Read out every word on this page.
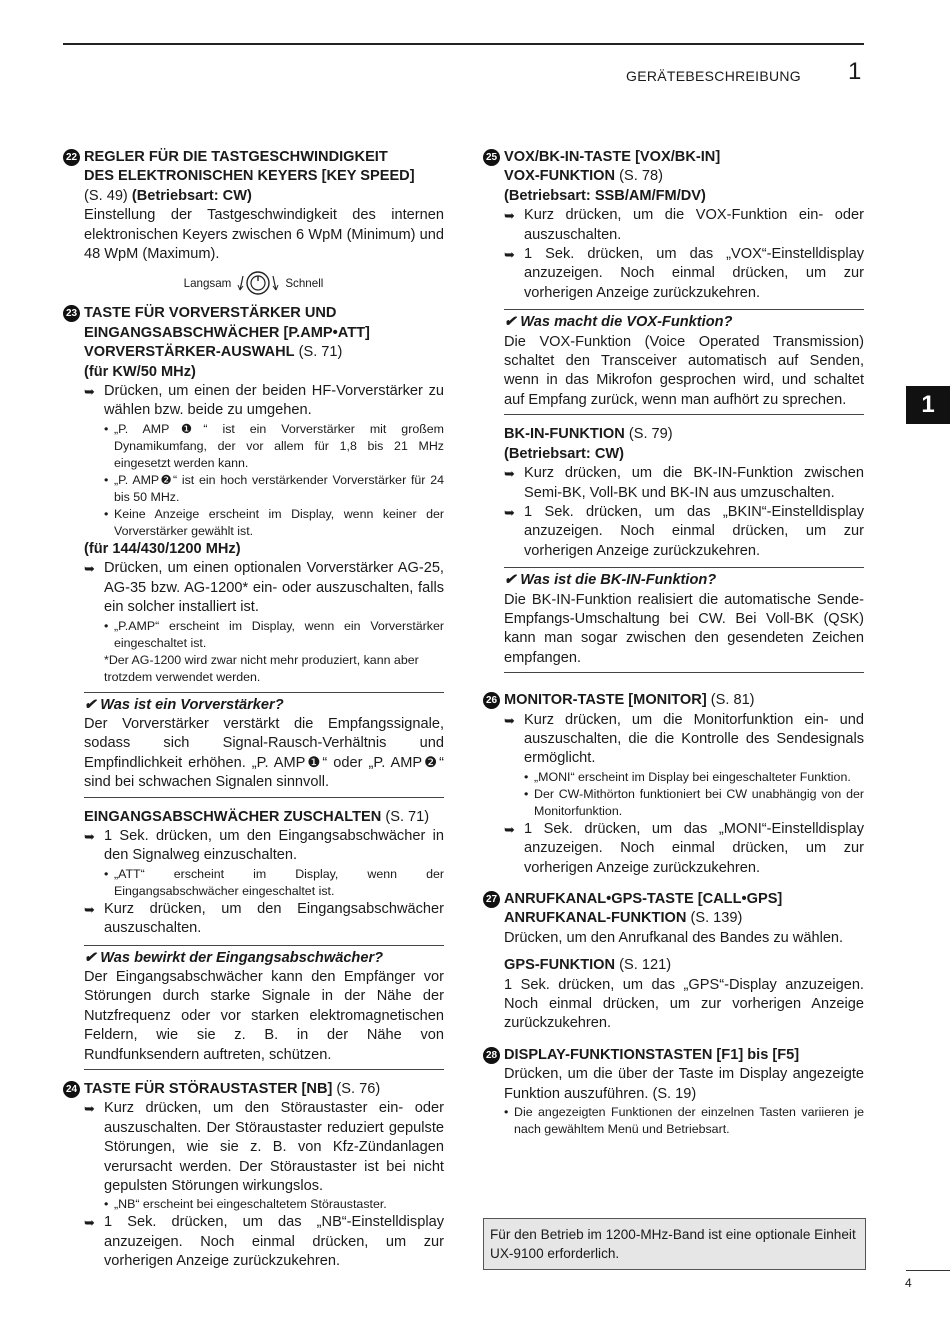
GERÄTEBESCHREIBUNG 1
1
4
22 REGLER FÜR DIE TASTGESCHWINDIGKEIT
DES ELEKTRONISCHEN KEYERS [KEY SPEED]
(S. 49) (Betriebsart: CW)
Einstellung der Tastgeschwindigkeit des internen elektronischen Keyers zwischen 6 WpM (Minimum) und 48 WpM (Maximum).
Langsam	Schnell
23 TASTE FÜR VORVERSTÄRKER UND
EINGANGSABSCHWÄCHER [P.AMP•ATT]
VORVERSTÄRKER-AUSWAHL (S. 71)
(für KW/50 MHz)
➥ Drücken, um einen der beiden HF-Vorverstärker zu wählen bzw. beide zu umgehen.
• „P. AMP❶“ ist ein Vorverstärker mit großem Dynamikumfang, der vor allem für 1,8 bis 21 MHz eingesetzt werden kann.
• „P. AMP❷“ ist ein hoch verstärkender Vorverstärker für 24 bis 50 MHz.
• Keine Anzeige erscheint im Display, wenn keiner der Vorverstärker gewählt ist.
(für 144/430/1200 MHz)
➥ Drücken, um einen optionalen Vorverstärker AG-25, AG-35 bzw. AG-1200* ein- oder auszuschalten, falls ein solcher installiert ist.
• „P.AMP“ erscheint im Display, wenn ein Vorverstärker eingeschaltet ist.
*Der AG-1200 wird zwar nicht mehr produziert, kann aber trotzdem verwendet werden.
✔ Was ist ein Vorverstärker?
Der Vorverstärker verstärkt die Empfangssignale, sodass sich Signal-Rausch-Verhältnis und Empfindlichkeit erhöhen. „P. AMP❶“ oder „P. AMP❷“ sind bei schwachen Signalen sinnvoll.
EINGANGSABSCHWÄCHER ZUSCHALTEN (S. 71)
➥ 1 Sek. drücken, um den Eingangsabschwächer in den Signalweg einzuschalten.
• „ATT“ erscheint im Display, wenn der Eingangsabschwächer eingeschaltet ist.
➥ Kurz drücken, um den Eingangsabschwächer auszuschalten.
✔ Was bewirkt der Eingangsabschwächer?
Der Eingangsabschwächer kann den Empfänger vor Störungen durch starke Signale in der Nähe der Nutzfrequenz oder vor starken elektromagnetischen Feldern, wie sie z. B. in der Nähe von Rundfunksendern auftreten, schützen.
24 TASTE FÜR STÖRAUSTASTER [NB] (S. 76)
➥ Kurz drücken, um den Störaustaster ein- oder auszuschalten. Der Störaustaster reduziert gepulste Störungen, wie sie z. B. von Kfz-Zündanlagen verursacht werden. Der Störaustaster ist bei nicht gepulsten Störungen wirkungslos.
• „NB“ erscheint bei eingeschaltetem Störaustaster.
➥ 1 Sek. drücken, um das „NB“-Einstelldisplay anzuzeigen. Noch einmal drücken, um zur vorherigen Anzeige zurückzukehren.
25 VOX/BK-IN-TASTE [VOX/BK-IN]
VOX-FUNKTION (S. 78)
(Betriebsart: SSB/AM/FM/DV)
➥ Kurz drücken, um die VOX-Funktion ein- oder auszuschalten.
➥ 1 Sek. drücken, um das „VOX“-Einstelldisplay anzuzeigen. Noch einmal drücken, um zur vorherigen Anzeige zurückzukehren.
✔ Was macht die VOX-Funktion?
Die VOX-Funktion (Voice Operated Transmission) schaltet den Transceiver automatisch auf Senden, wenn in das Mikrofon gesprochen wird, und schaltet auf Empfang zurück, wenn man aufhört zu sprechen.
BK-IN-FUNKTION (S. 79)
(Betriebsart: CW)
➥ Kurz drücken, um die BK-IN-Funktion zwischen Semi-BK, Voll-BK und BK-IN aus umzuschalten.
➥ 1 Sek. drücken, um das „BKIN“-Einstelldisplay anzuzeigen. Noch einmal drücken, um zur vorherigen Anzeige zurückzukehren.
✔ Was ist die BK-IN-Funktion?
Die BK-IN-Funktion realisiert die automatische Sende-Empfangs-Umschaltung bei CW. Bei Voll-BK (QSK) kann man sogar zwischen den gesendeten Zeichen empfangen.
26 MONITOR-TASTE [MONITOR] (S. 81)
➥ Kurz drücken, um die Monitorfunktion ein- und auszuschalten, die die Kontrolle des Sendesignals ermöglicht.
• „MONI“ erscheint im Display bei eingeschalteter Funktion.
• Der CW-Mithörton funktioniert bei CW unabhängig von der Monitorfunktion.
➥ 1 Sek. drücken, um das „MONI“-Einstelldisplay anzuzeigen. Noch einmal drücken, um zur vorherigen Anzeige zurückzukehren.
27 ANRUFKANAL•GPS-TASTE [CALL•GPS]
ANRUFKANAL-FUNKTION (S. 139)
Drücken, um den Anrufkanal des Bandes zu wählen.
GPS-FUNKTION (S. 121)
1 Sek. drücken, um das „GPS“-Display anzuzeigen. Noch einmal drücken, um zur vorherigen Anzeige zurückzukehren.
28 DISPLAY-FUNKTIONSTASTEN [F1] bis [F5]
Drücken, um die über der Taste im Display angezeigte Funktion auszuführen. (S. 19)
• Die angezeigten Funktionen der einzelnen Tasten variieren je nach gewähltem Menü und Betriebsart.
Für den Betrieb im 1200-MHz-Band ist eine optionale Einheit UX-9100 erforderlich.
